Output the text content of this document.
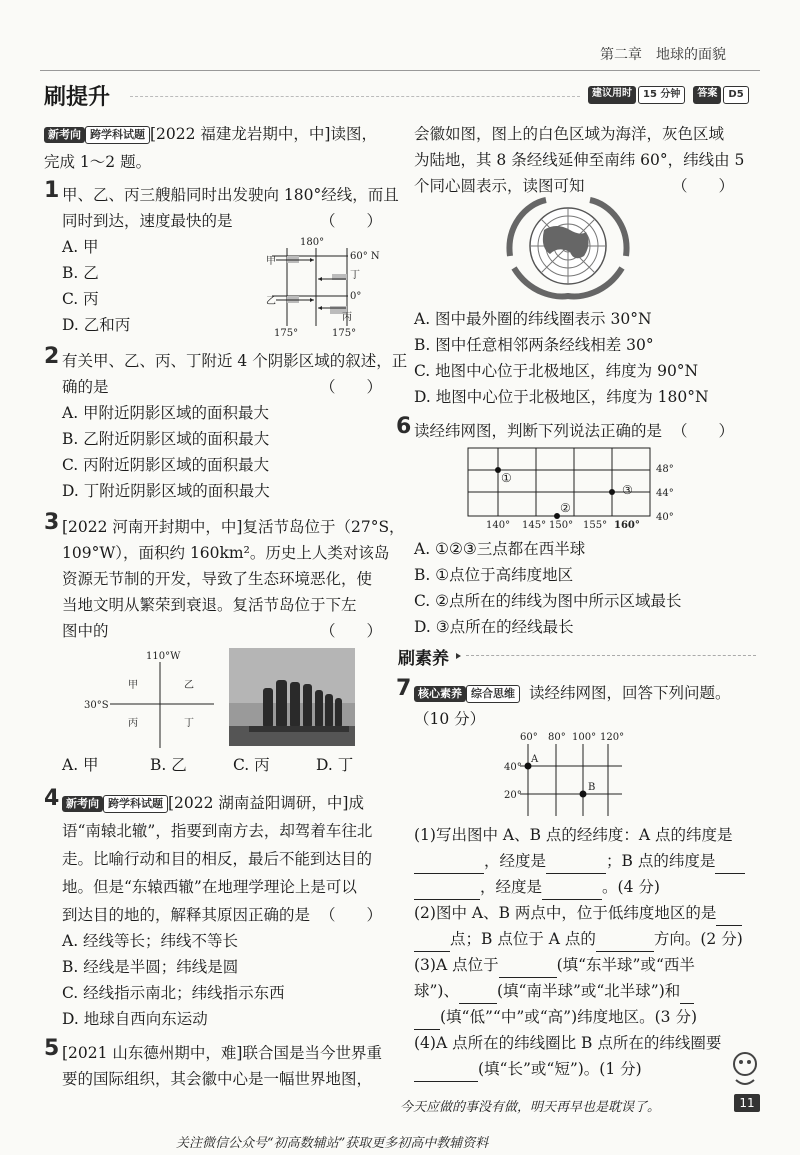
第二章　地球的面貌
刷提升	建议用时	15 分钟	答案	D5
新考向 跨学科试题 [2022 福建龙岩期中，中]读图，
完成 1～2 题。
1 甲、乙、丙三艘船同时出发驶向 180°经线，而且
同时到达，速度最快的是	（　　）
A. 甲
B. 乙
C. 丙
D. 乙和丙
180°
甲
丁
乙
丙
60° N
0°
175°	175°
2 有关甲、乙、丙、丁附近 4 个阴影区域的叙述，正
确的是	（　　）
A. 甲附近阴影区域的面积最大
B. 乙附近阴影区域的面积最大
C. 丙附近阴影区域的面积最大
D. 丁附近阴影区域的面积最大
3 [2022 河南开封期中，中]复活节岛位于（27°S，
109°W），面积约 160km²。历史上人类对该岛
资源无节制的开发，导致了生态环境恶化，使
当地文明从繁荣到衰退。复活节岛位于下左
图中的	（　　）
110°W
30°S
甲	乙
丙	丁
A. 甲	B. 乙	C. 丙	D. 丁
4 新考向 跨学科试题 [2022 湖南益阳调研，中]成
语“南辕北辙”，指要到南方去，却驾着车往北
走。比喻行动和目的相反，最后不能到达目的
地。但是“东辕西辙”在地理学理论上是可以
到达目的地的，解释其原因正确的是 （　　）
A. 经线等长；纬线不等长
B. 经线是半圆；纬线是圆
C. 经线指示南北；纬线指示东西
D. 地球自西向东运动
5 [2021 山东德州期中，难]联合国是当今世界重
要的国际组织，其会徽中心是一幅世界地图，
会徽如图，图上的白色区域为海洋，灰色区域
为陆地，其 8 条经线延伸至南纬 60°，纬线由 5
个同心圆表示，读图可知	（　　）
A. 图中最外圈的纬线圈表示 30°N
B. 图中任意相邻两条经线相差 30°
C. 地图中心位于北极地区，纬度为 90°N
D. 地图中心位于北极地区，纬度为 180°N
6 读经纬网图，判断下列说法正确的是 （　　）
①
②
③
48°
44°
40°
140° 145° 150° 155° 160°
A. ①②③三点都在西半球
B. ①点位于高纬度地区
C. ②点所在的纬线为图中所示区域最长
D. ③点所在的经线最长
刷素养
7 核心素养 综合思维 读经纬网图，回答下列问题。
（10 分）
60° 80° 100° 120°
A
B
40°
20°
(1)写出图中 A、B 点的经纬度：A 点的纬度是
，经度是	；B 点的纬度是
，经度是	。(4 分)
(2)图中 A、B 两点中，位于低纬度地区的是
点；B 点位于 A 点的	方向。(2 分)
(3)A 点位于	(填“东半球”或“西半
球”)、 (填“南半球”或“北半球”)和
(填“低”“中”或“高”)纬度地区。(3 分)
(4)A 点所在的纬线圈比 B 点所在的纬线圈要
(填“长”或“短”)。(1 分)
今天应做的事没有做，明天再早也是耽误了。	11
关注微信公众号“初高数辅站”获取更多初高中教辅资料
